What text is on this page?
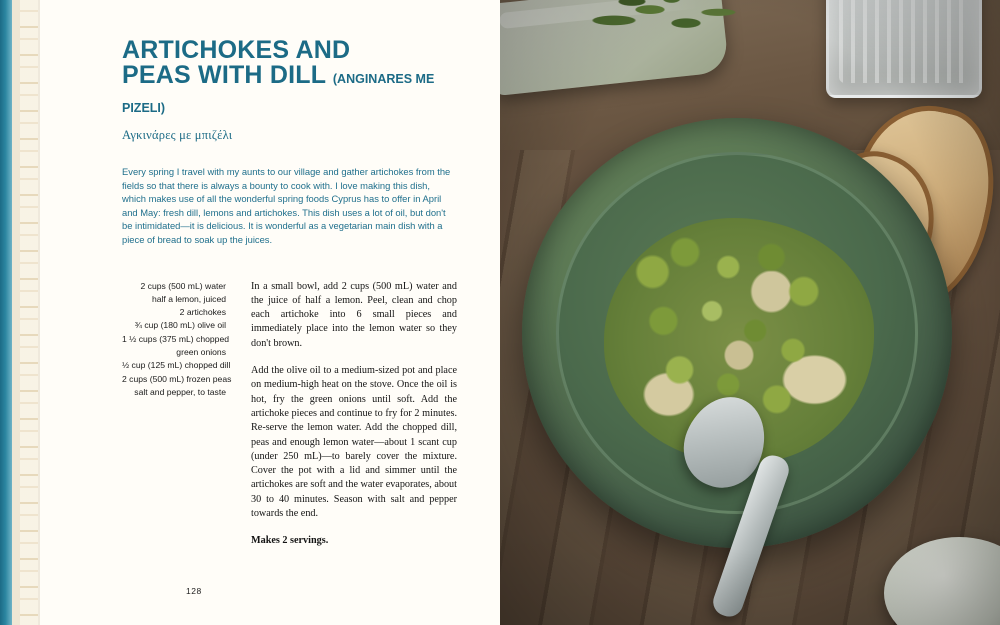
ARTICHOKES AND
PEAS WITH DILL (ANGINARES ME PIZELI)
Αγκινάρες με μπιζέλι
Every spring I travel with my aunts to our village and gather artichokes from the fields so that there is always a bounty to cook with. I love making this dish, which makes use of all the wonderful spring foods Cyprus has to offer in April and May: fresh dill, lemons and artichokes. This dish uses a lot of oil, but don't be intimidated—it is delicious. It is wonderful as a vegetarian main dish with a piece of bread to soak up the juices.
2 cups (500 mL) water
half a lemon, juiced
2 artichokes
¾ cup (180 mL) olive oil
1 ½ cups (375 mL) chopped
green onions
½ cup (125 mL) chopped dill
2 cups (500 mL) frozen peas
salt and pepper, to taste

In a small bowl, add 2 cups (500 mL) water and the juice of half a lemon. Peel, clean and chop each artichoke into 6 small pieces and immediately place into the lemon water so they don't brown.

Add the olive oil to a medium-sized pot and place on medium-high heat on the stove. Once the oil is hot, fry the green onions until soft. Add the artichoke pieces and continue to fry for 2 minutes. Re-serve the lemon water. Add the chopped dill, peas and enough lemon water—about 1 scant cup (under 250 mL)—to barely cover the mixture. Cover the pot with a lid and simmer until the artichokes are soft and the water evaporates, about 30 to 40 minutes. Season with salt and pepper towards the end.

Makes 2 servings.

128
